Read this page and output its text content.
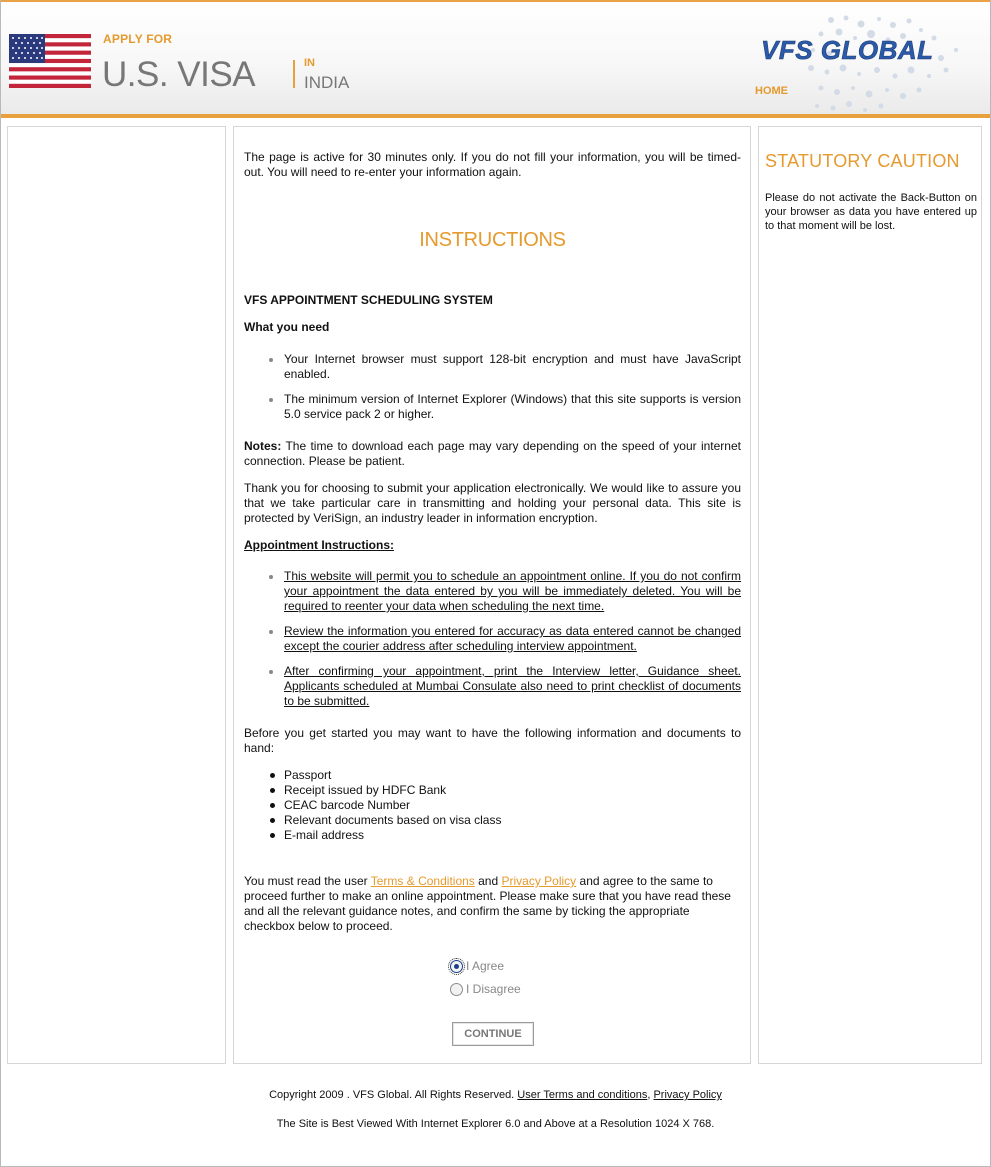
APPLY FOR
U.S. VISA	IN
INDIA
VFS GLOBAL
HOME

The page is active for 30 minutes only. If you do not fill your information, you will be timed-out. You will need to re-enter your information again.

INSTRUCTIONS

VFS APPOINTMENT SCHEDULING SYSTEM

What you need

Your Internet browser must support 128-bit encryption and must have JavaScript enabled.
The minimum version of Internet Explorer (Windows) that this site supports is version 5.0 service pack 2 or higher.

Notes: The time to download each page may vary depending on the speed of your internet connection. Please be patient.

Thank you for choosing to submit your application electronically. We would like to assure you that we take particular care in transmitting and holding your personal data. This site is protected by VeriSign, an industry leader in information encryption.

Appointment Instructions:

This website will permit you to schedule an appointment online. If you do not confirm your appointment the data entered by you will be immediately deleted. You will be required to reenter your data when scheduling the next time.
Review the information you entered for accuracy as data entered cannot be changed except the courier address after scheduling interview appointment.
After confirming your appointment, print the Interview letter, Guidance sheet. Applicants scheduled at Mumbai Consulate also need to print checklist of documents to be submitted.

Before you get started you may want to have the following information and documents to hand:

Passport
Receipt issued by HDFC Bank
CEAC barcode Number
Relevant documents based on visa class
E-mail address

You must read the user Terms & Conditions and Privacy Policy and agree to the same to proceed further to make an online appointment. Please make sure that you have read these and all the relevant guidance notes, and confirm the same by ticking the appropriate checkbox below to proceed.

I Agree
I Disagree
CONTINUE
STATUTORY CAUTION
Please do not activate the Back-Button on your browser as data you have entered up to that moment will be lost.
Copyright 2009 . VFS Global. All Rights Reserved. User Terms and conditions, Privacy Policy
The Site is Best Viewed With Internet Explorer 6.0 and Above at a Resolution 1024 X 768.
